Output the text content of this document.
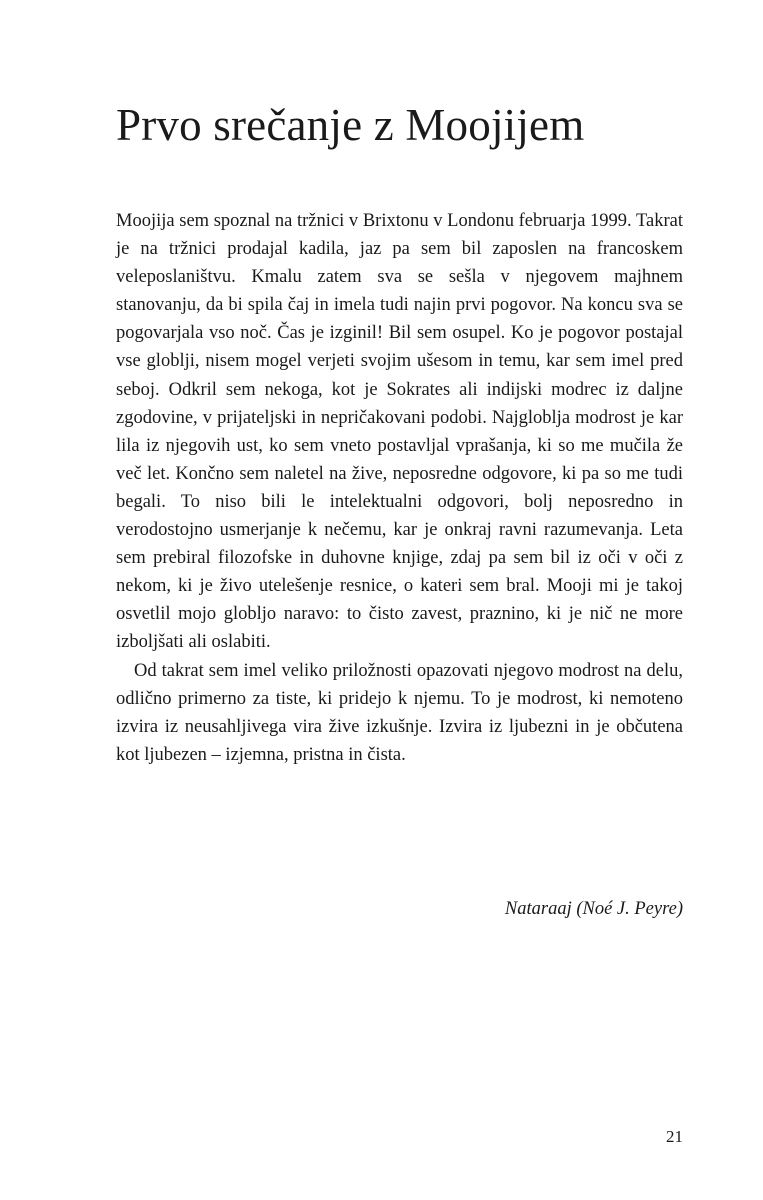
Prvo srečanje z Moojijem

Moojija sem spoznal na tržnici v Brixtonu v Londonu februarja 1999. Takrat je na tržnici prodajal kadila, jaz pa sem bil zaposlen na francoskem veleposlaništvu. Kmalu zatem sva se sešla v njegovem majhnem stanovanju, da bi spila čaj in imela tudi najin prvi pogovor. Na koncu sva se pogovarjala vso noč. Čas je izginil! Bil sem osupel. Ko je pogovor postajal vse globlji, nisem mogel verjeti svojim ušesom in temu, kar sem imel pred seboj. Odkril sem nekoga, kot je Sokrates ali indijski modrec iz daljne zgodovine, v prijateljski in nepričakovani podobi. Najglobljа modrost je kar lila iz njegovih ust, ko sem vneto postavljal vprašanja, ki so me mučila že več let. Končno sem naletel na žive, neposredne odgovore, ki pa so me tudi begali. To niso bili le intelektualni odgovori, bolj neposredno in verodostojno usmerjanje k nečemu, kar je onkraj ravni razumevanja. Leta sem prebiral filozofske in duhovne knjige, zdaj pa sem bil iz oči v oči z nekom, ki je živo utelešenje resnice, o kateri sem bral. Mooji mi je takoj osvetlil mojo globljo naravo: to čisto zavest, praznino, ki je nič ne more izboljšati ali oslabiti.

Od takrat sem imel veliko priložnosti opazovati njegovo modrost na delu, odlično primerno za tiste, ki pridejo k njemu. To je modrost, ki nemoteno izvira iz neusahljivega vira žive izkušnje. Izvira iz ljubezni in je občutena kot ljubezen – izjemna, pristna in čista.

Nataraaj (Noé J. Peyre)
21
